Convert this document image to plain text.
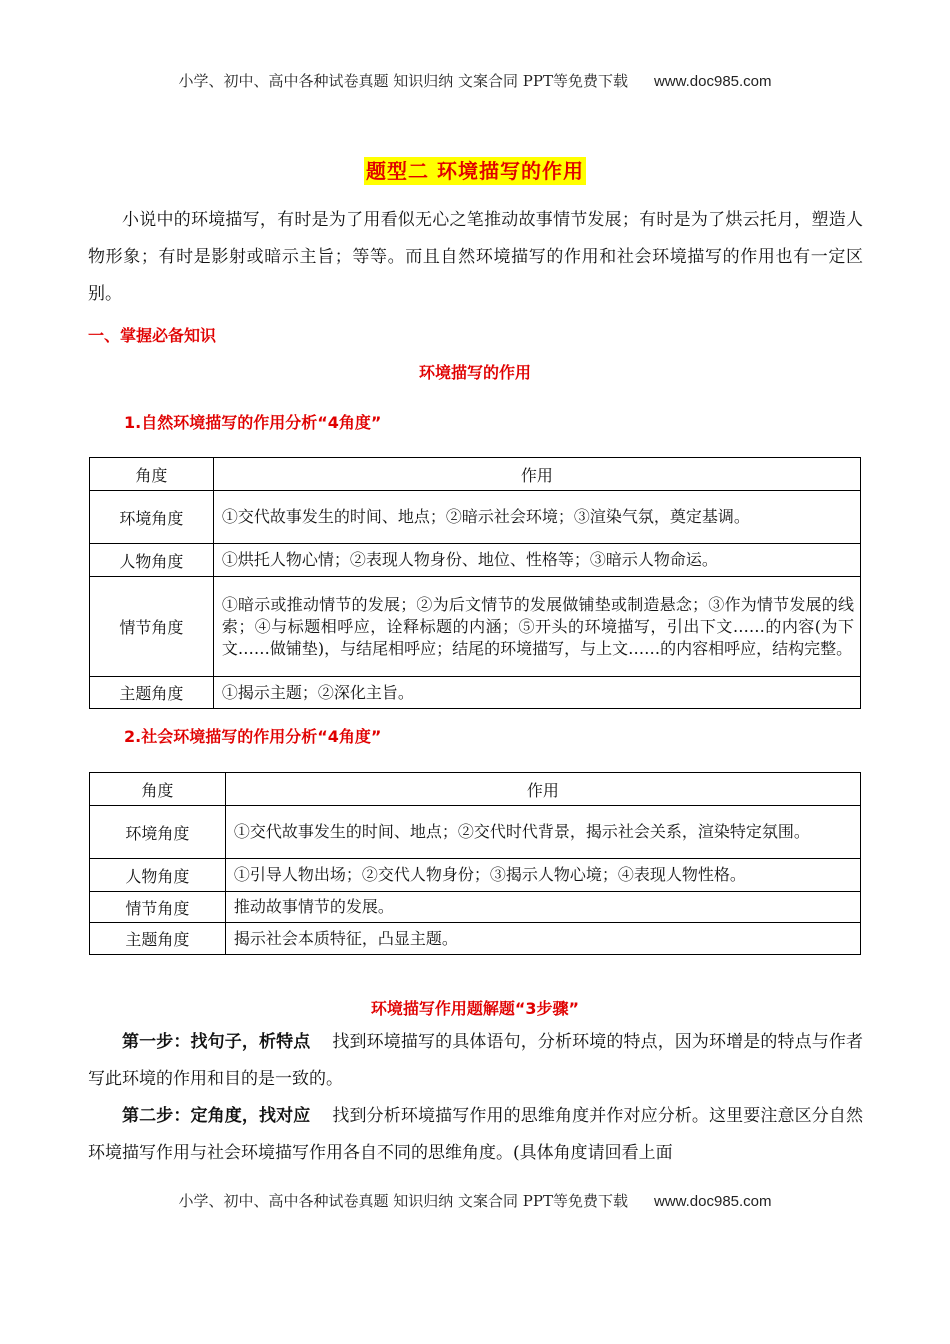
小学、初中、高中各种试卷真题 知识归纳 文案合同 PPT等免费下载 www.doc985.com
题型二 环境描写的作用
小说中的环境描写，有时是为了用看似无心之笔推动故事情节发展；有时是为了烘云托月，塑造人物形象；有时是影射或暗示主旨；等等。而且自然环境描写的作用和社会环境描写的作用也有一定区别。
一、掌握必备知识
环境描写的作用
1.自然环境描写的作用分析“4角度”
角度	作用
环境角度	①交代故事发生的时间、地点；②暗示社会环境；③渲染气氛，奠定基调。
人物角度	①烘托人物心情；②表现人物身份、地位、性格等；③暗示人物命运。
情节角度	①暗示或推动情节的发展；②为后文情节的发展做铺垫或制造悬念；③作为情节发展的线索；④与标题相呼应，诠释标题的内涵；⑤开头的环境描写，引出下文……的内容(为下文……做铺垫)，与结尾相呼应；结尾的环境描写，与上文……的内容相呼应，结构完整。
主题角度	①揭示主题；②深化主旨。
2.社会环境描写的作用分析“4角度”
角度	作用
环境角度	①交代故事发生的时间、地点；②交代时代背景，揭示社会关系，渲染特定氛围。
人物角度	①引导人物出场；②交代人物身份；③揭示人物心境；④表现人物性格。
情节角度	推动故事情节的发展。
主题角度	揭示社会本质特征，凸显主题。
环境描写作用题解题“3步骤”
第一步：找句子，析特点 找到环境描写的具体语句，分析环境的特点，因为环增是的特点与作者写此环境的作用和目的是一致的。
第二步：定角度，找对应 找到分析环境描写作用的思维角度并作对应分析。这里要注意区分自然环境描写作用与社会环境描写作用各自不同的思维角度。(具体角度请回看上面
小学、初中、高中各种试卷真题 知识归纳 文案合同 PPT等免费下载 www.doc985.com
